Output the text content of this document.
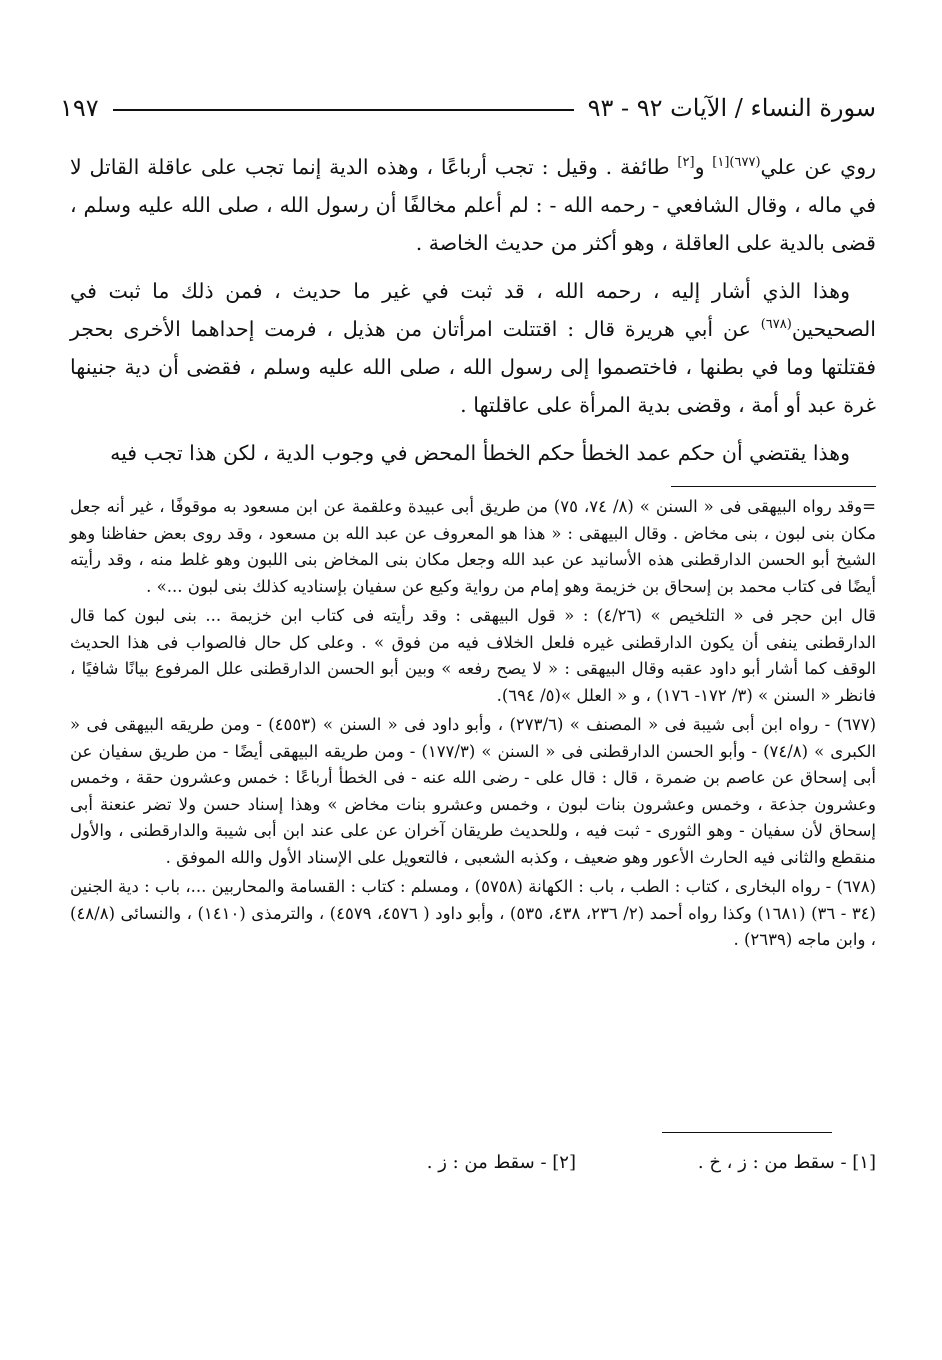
سورة النساء / الآيات ٩٢ - ٩٣
١٩٧

روي عن علي$^{(٦٧٧)[١]}$ و[٢] طائفة . وقيل : تجب أرباعًا ، وهذه الدية إنما تجب على عاقلة القاتل لا في ماله ، وقال الشافعي - رحمه الله - : لم أعلم مخالفًا أن رسول الله ، صلى الله عليه وسلم ، قضى بالدية على العاقلة ، وهو أكثر من حديث الخاصة .

وهذا الذي أشار إليه ، رحمه الله ، قد ثبت في غير ما حديث ، فمن ذلك ما ثبت في الصحيحين$^{(٦٧٨)}$ عن أبي هريرة قال : اقتتلت امرأتان من هذيل ، فرمت إحداهما الأخرى بحجر فقتلتها وما في بطنها ، فاختصموا إلى رسول الله ، صلى الله عليه وسلم ، فقضى أن دية جنينها غرة عبد أو أمة ، وقضى بدية المرأة على عاقلتها .

وهذا يقتضي أن حكم عمد الخطأ حكم الخطأ المحض في وجوب الدية ، لكن هذا تجب فيه

=وقد رواه البيهقى فى « السنن » (٨/ ٧٤، ٧٥) من طريق أبى عبيدة وعلقمة عن ابن مسعود به موقوفًا ، غير أنه جعل مكان بنى لبون ، بنى مخاض . وقال البيهقى : « هذا هو المعروف عن عبد الله بن مسعود ، وقد روى بعض حفاظنا وهو الشيخ أبو الحسن الدارقطنى هذه الأسانيد عن عبد الله وجعل مكان بنى المخاض بنى اللبون وهو غلط منه ، وقد رأيته أيضًا فى كتاب محمد بن إسحاق بن خزيمة وهو إمام من رواية وكيع عن سفيان بإسناديه كذلك بنى لبون ...» .

قال ابن حجر فى « التلخيص » (٤/٢٦) : « قول البيهقى : وقد رأيته فى كتاب ابن خزيمة ... بنى لبون كما قال الدارقطنى ينفى أن يكون الدارقطنى غيره فلعل الخلاف فيه من فوق » . وعلى كل حال فالصواب فى هذا الحديث الوقف كما أشار أبو داود عقبه وقال البيهقى : « لا يصح رفعه » وبين أبو الحسن الدارقطنى علل المرفوع بيانًا شافيًا ، فانظر « السنن » (٣/ ١٧٢- ١٧٦) ، و « العلل »(٥/ ٦٩٤).

(٦٧٧) - رواه ابن أبى شيبة فى « المصنف » (٢٧٣/٦) ، وأبو داود فى « السنن » (٤٥٥٣) - ومن طريقه البيهقى فى « الكبرى » (٧٤/٨) - وأبو الحسن الدارقطنى فى « السنن » (١٧٧/٣) - ومن طريقه البيهقى أيضًا - من طريق سفيان عن أبى إسحاق عن عاصم بن ضمرة ، قال : قال على - رضى الله عنه - فى الخطأ أرباعًا : خمس وعشرون حقة ، وخمس وعشرون جذعة ، وخمس وعشرون بنات لبون ، وخمس وعشرو بنات مخاض » وهذا إسناد حسن ولا تضر عنعنة أبى إسحاق لأن سفيان - وهو الثورى - ثبت فيه ، وللحديث طريقان آخران عن على عند ابن أبى شيبة والدارقطنى ، والأول منقطع والثانى فيه الحارث الأعور وهو ضعيف ، وكذبه الشعبى ، فالتعويل على الإسناد الأول والله الموفق .

(٦٧٨) - رواه البخارى ، كتاب : الطب ، باب : الكهانة (٥٧٥٨) ، ومسلم : كتاب : القسامة والمحاربين ...، باب : دية الجنين (٣٤ - ٣٦) (١٦٨١) وكذا رواه أحمد (٢/ ٢٣٦، ٤٣٨، ٥٣٥) ، وأبو داود ( ٤٥٧٦، ٤٥٧٩) ، والترمذى (١٤١٠) ، والنسائى (٤٨/٨) ، وابن ماجه (٢٦٣٩) .

[١] - سقط من : ز ، خ .
[٢] - سقط من : ز .
